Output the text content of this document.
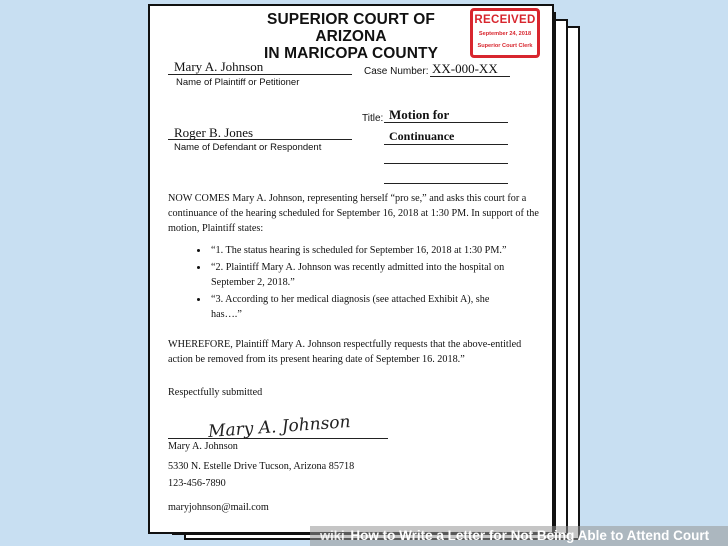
SUPERIOR COURT OF ARIZONA
IN MARICOPA COUNTY
RECEIVED
September 24, 2018
Superior Court Clerk
Mary A. Johnson
Name of Plaintiff or Petitioner
Case Number: XX-000-XX
Title: Motion for
Continuance
Roger B. Jones
Name of Defendant or Respondent
NOW COMES Mary A. Johnson, representing herself “pro se,” and asks this court for a
continuance of the hearing scheduled for September 16, 2018 at 1:30 PM. In support of the
motion, Plaintiff states:
“1. The status hearing is scheduled for September 16, 2018 at 1:30 PM.”
“2. Plaintiff Mary A. Johnson was recently admitted into the hospital on
September 2, 2018.”
“3. According to her medical diagnosis (see attached Exhibit A), she
has….”
WHEREFORE, Plaintiff Mary A. Johnson respectfully requests that the above-entitled
action be removed from its present hearing date of September 16. 2018.”
Respectfully submitted
Mary A. Johnson
Mary A. Johnson
5330 N. Estelle Drive Tucson, Arizona 85718
123-456-7890
maryjohnson@mail.com
wiki How to Write a Letter for Not Being Able to Attend Court
